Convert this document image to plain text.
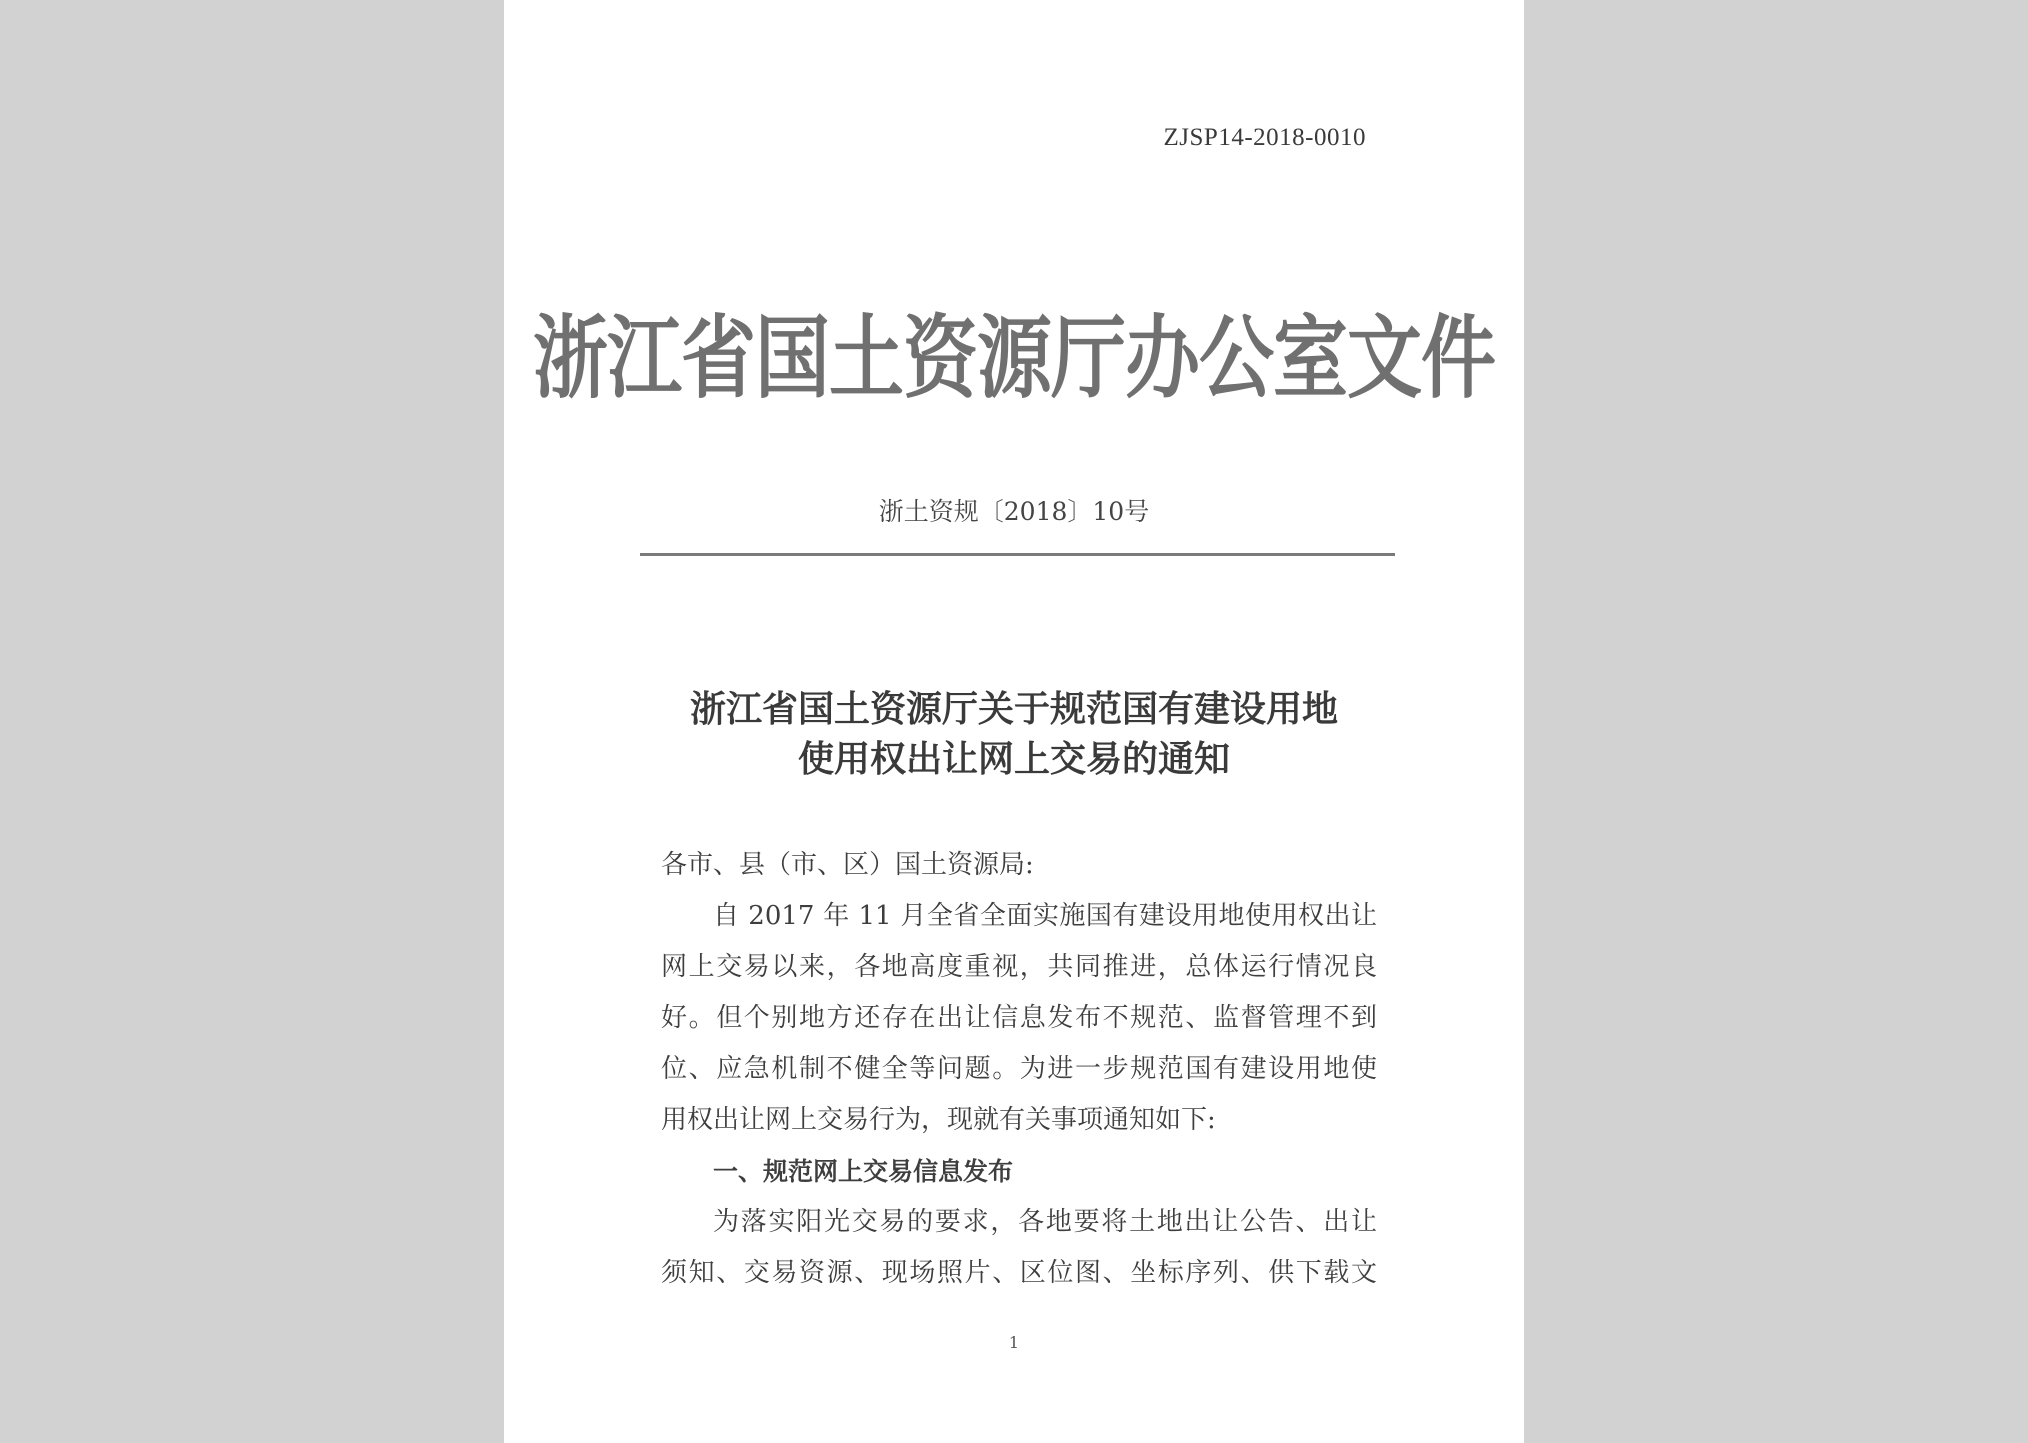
ZJSP14-2018-0010
浙江省国土资源厅办公室文件
浙土资规〔2018〕10号
浙江省国土资源厅关于规范国有建设用地
使用权出让网上交易的通知
各市、县（市、区）国土资源局:
自 2017 年 11 月全省全面实施国有建设用地使用权出让
网上交易以来，各地高度重视，共同推进，总体运行情况良
好。但个别地方还存在出让信息发布不规范、监督管理不到
位、应急机制不健全等问题。为进一步规范国有建设用地使
用权出让网上交易行为，现就有关事项通知如下:
一、规范网上交易信息发布
为落实阳光交易的要求，各地要将土地出让公告、出让
须知、交易资源、现场照片、区位图、坐标序列、供下载文
1
